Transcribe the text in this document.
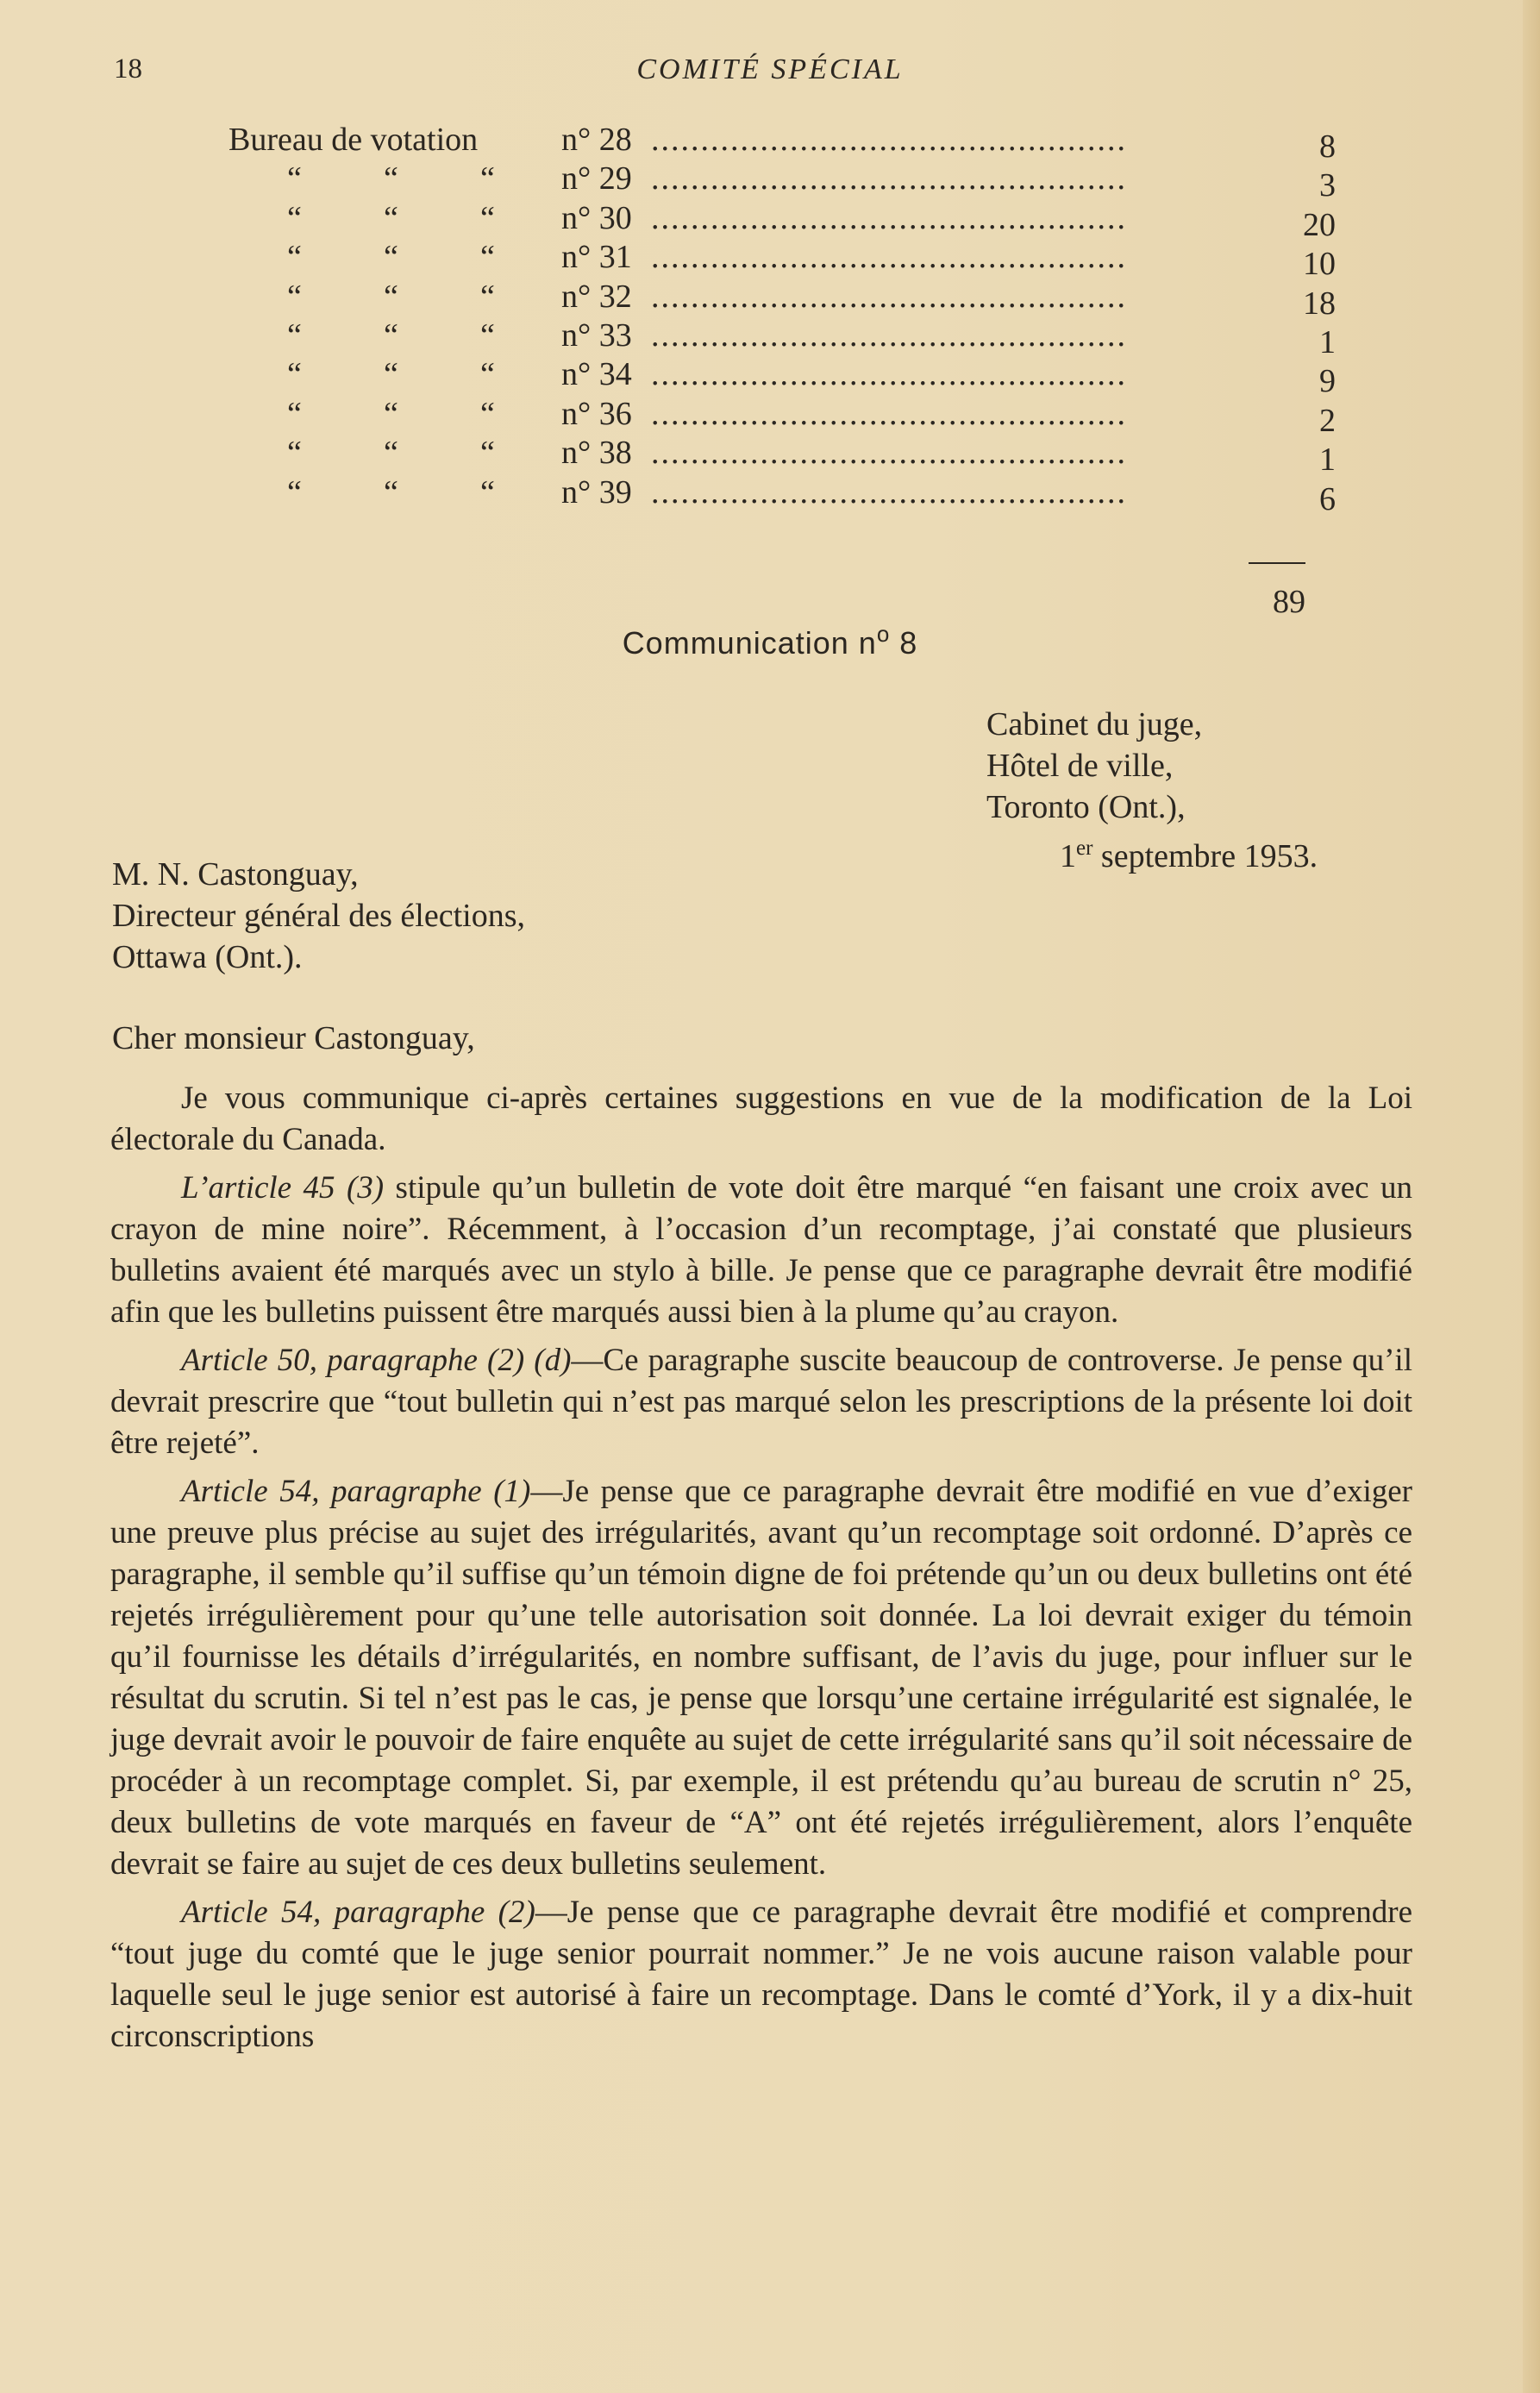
18	COMITÉ SPÉCIAL
Bureau de votation	n° 28 ................................................	8
“	“	“ n° 29 ................................................	3
“	“	“ n° 30 ................................................	20
“	“	“ n° 31 ................................................	10
“	“	“ n° 32 ................................................	18
“	“	“ n° 33 ................................................	1
“	“	“ n° 34 ................................................	9
“	“	“ n° 36 ................................................	2
“	“	“ n° 38 ................................................	1
“	“	“ n° 39 ................................................	6
89
Communication $n^o$ 8
Cabinet du juge,
Hôtel de ville,
Toronto (Ont.),
1er septembre 1953.
M. N. Castonguay,
Directeur général des élections,
Ottawa (Ont.).
Cher monsieur Castonguay,

Je vous communique ci-après certaines suggestions en vue de la modification de la Loi électorale du Canada.

L’article 45 (3) stipule qu’un bulletin de vote doit être marqué “en faisant une croix avec un crayon de mine noire”. Récemment, à l’occasion d’un recomptage, j’ai constaté que plusieurs bulletins avaient été marqués avec un stylo à bille. Je pense que ce paragraphe devrait être modifié afin que les bulletins puissent être marqués aussi bien à la plume qu’au crayon.

Article 50, paragraphe (2) (d)—Ce paragraphe suscite beaucoup de controverse. Je pense qu’il devrait prescrire que “tout bulletin qui n’est pas marqué selon les prescriptions de la présente loi doit être rejeté”.

Article 54, paragraphe (1)—Je pense que ce paragraphe devrait être modifié en vue d’exiger une preuve plus précise au sujet des irrégularités, avant qu’un recomptage soit ordonné. D’après ce paragraphe, il semble qu’il suffise qu’un témoin digne de foi prétende qu’un ou deux bulletins ont été rejetés irrégulièrement pour qu’une telle autorisation soit donnée. La loi devrait exiger du témoin qu’il fournisse les détails d’irrégularités, en nombre suffisant, de l’avis du juge, pour influer sur le résultat du scrutin. Si tel n’est pas le cas, je pense que lorsqu’une certaine irrégularité est signalée, le juge devrait avoir le pouvoir de faire enquête au sujet de cette irrégularité sans qu’il soit nécessaire de procéder à un recomptage complet. Si, par exemple, il est prétendu qu’au bureau de scrutin n° 25, deux bulletins de vote marqués en faveur de “A” ont été rejetés irrégulièrement, alors l’enquête devrait se faire au sujet de ces deux bulletins seulement.

Article 54, paragraphe (2)—Je pense que ce paragraphe devrait être modifié et comprendre “tout juge du comté que le juge senior pourrait nommer.” Je ne vois aucune raison valable pour laquelle seul le juge senior est autorisé à faire un recomptage. Dans le comté d’York, il y a dix-huit circonscriptions
